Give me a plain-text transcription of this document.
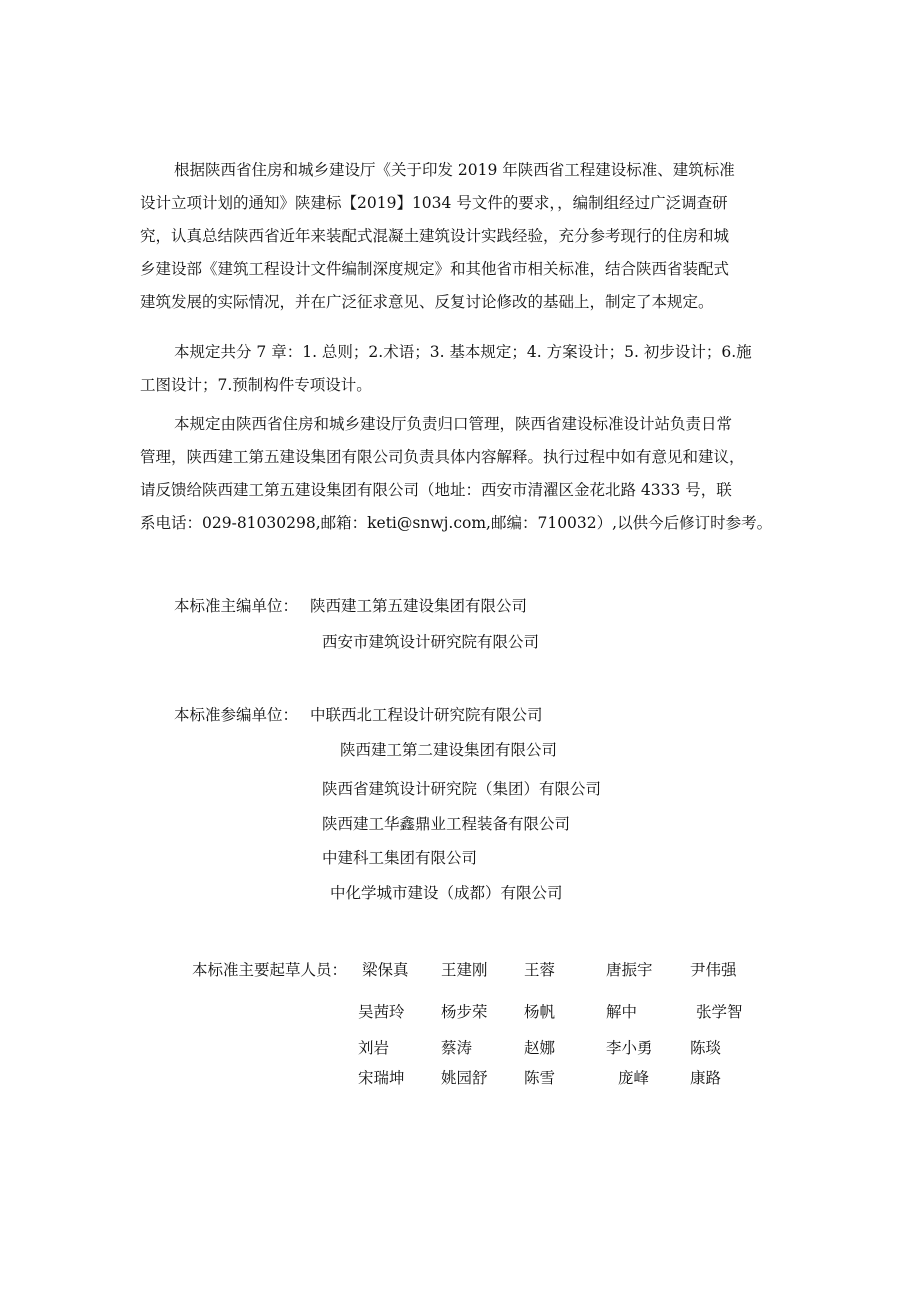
根据陕西省住房和城乡建设厅《关于印发 2019 年陕西省工程建设标准、建筑标准
设计立项计划的通知》陕建标【2019】1034 号文件的要求，，编制组经过广泛调查研
究，认真总结陕西省近年来装配式混凝土建筑设计实践经验，充分参考现行的住房和城
乡建设部《建筑工程设计文件编制深度规定》和其他省市相关标准，结合陕西省装配式
建筑发展的实际情况，并在广泛征求意见、反复讨论修改的基础上，制定了本规定。
本规定共分 7 章：1. 总则；2.术语；3. 基本规定；4. 方案设计；5. 初步设计；6.施
工图设计；7.预制构件专项设计。
本规定由陕西省住房和城乡建设厅负责归口管理，陕西省建设标准设计站负责日常
管理，陕西建工第五建设集团有限公司负责具体内容解释。执行过程中如有意见和建议，
请反馈给陕西建工第五建设集团有限公司（地址：西安市清濯区金花北路 4333 号，联
系电话：029-81030298,邮箱：keti@snwj.com,邮编：710032）,以供今后修订时参考。
本标准主编单位： 陕西建工第五建设集团有限公司
西安市建筑设计研究院有限公司
本标准参编单位： 中联西北工程设计研究院有限公司
陕西建工第二建设集团有限公司
陕西省建筑设计研究院（集团）有限公司
陕西建工华鑫鼎业工程装备有限公司
中建科工集团有限公司
中化学城市建设（成都）有限公司
本标准主要起草人员： 梁保真 王建刚 王蓉	唐振宇 尹伟强
吴茜玲 杨步荣 杨帆	解中	张学智
刘岩	蔡涛	赵娜	李小勇 陈琰
宋瑞坤 姚园舒 陈雪	庞峰	康路
